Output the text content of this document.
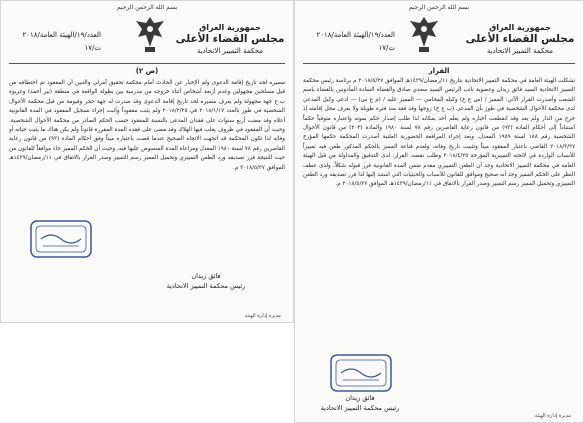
بسم الله الرحمن الرحيم
جمهورية العراق
مجلس القضاء الأعلى
محكمة التمييز الاتحادية
العدد/١٩/الهيئة العامة/٢٠١٨
ت/١٧
القرار
تشكلت الهيئة العامة في محكمة التمييز الاتحادية بتاريخ ١١/رمضان/١٤٣٩هـ الموافق ٢٠١٨/٥/٢٧ م برئاسة رئيس محكمة التمييز الاتحادية السيد فائق زيدان وعضوية نائب الرئيس السيد سعدي صادق والقضاة السادة المأذونين بالقضاء باسم الشعب وأصدرت القرار الآتي: المميز / (س ع خ) وكيله المحامي — المميز عليه / (م ع س) — ادعى وكيل المدعي لدى محكمة الأحوال الشخصية في طوز بأن المدعى (ب ع خ) زوجها وقد فقد منذ فترة طويلة ولا يعرف محل إقامته إذ خرج من الدار ولم يعد وقد انقطعت أخباره ولم يعلم أحد بمكانه لذا طلب إصدار حكم بموته واعتباره متوفياً حكماً استناداً إلى أحكام المادة (٩٣) من قانون رعاية القاصرين رقم ٧٨ لسنة ١٩٨٠ والمادة (٢٠٣) من قانون الأحوال الشخصية رقم ١٨٨ لسنة ١٩٥٩ المعدل، وبعد إجراء المرافعة الحضورية العلنية أصدرت المحكمة حكمها المؤرخ ٢٠١٨/٣/٢٧ القاضي باعتبار المفقود ميتاً وتثبيت تاريخ وفاته، ولعدم قناعة المميز بالحكم المذكور طعن فيه تمييزاً للأسباب الواردة في لائحته التمييزية المؤرخة ٢٠١٨/٤/٢٥ وطلب نقضه. القرار: لدى التدقيق والمداولة من قبل الهيئة العامة في محكمة التمييز الاتحادية وجد أن الطعن التمييزي مقدم ضمن المدة القانونية قرر قبوله شكلاً، ولدى عطف النظر على الحكم المميز وجد أنه صحيح وموافق للقانون للأسباب والحيثيات التي استند إليها لذا قرر تصديقه ورد الطعن التمييزي وتحميل المميز رسم التمييز وصدر القرار بالاتفاق في ١١/رمضان/١٤٣٩هـ الموافق ٢٠١٨/٥/٢٧ م.
فائق زيدان
رئيس محكمة التمييز الاتحادية
مديرة إدارة الهيئة
بسم الله الرحمن الرحيم
جمهورية العراق
مجلس القضاء الأعلى
محكمة التمييز الاتحادية
العدد/١٩/الهيئة العامة/٢٠١٨
ت/١٧
(ص ٢)
مصيره لحد تاريخ إقامة الدعوى ولم الإخبار عن الحادث أمام محكمة تحقيق آمرلي والتبين أن المفقود تم اختطافه من قبل مسلحين مجهولين وعدم أربعة أشخاص أثناء خروجه من مدرسة بين بطولة الواقعة في منطقة (بير أحمد) وعريوة ب.ج جهة مجهولة ولم يعرف مصيره لحد تاريخ إقامة الدعوى وقد صدرت له جهة حجز وقيومة من قبل محكمة الأحوال الشخصية في طوز بالعدد ٢٠١٨/١/١٧ في ٢٠١٨/٢/٢٥ ولم يثبت مفقوداً وأثبت إجراء تسجيل المفقود في المدة القانونية أعلاه وقد مضت أربع سنوات على فقدان المدعى بالنسبة للمفقود حسب الحكم الصادر من محكمة الأحوال الشخصية، وحيث أن المفقود في ظروف يغلب فيها الهلاك وقد مضى على فقده المدة المقررة قانوناً ولم يكن هناك ما يثبت حياته أو وفاته لذا تكون المحكمة قد اتجهت الاتجاه الصحيح عندما قضت باعتباره ميتاً وفق أحكام المادة (٩٣) من قانون رعاية القاصرين رقم ٧٨ لسنة ١٩٨٠ المعدل ومراعاة المدة المنصوص عليها فيه، وحيث أن الحكم المميز جاء موافقاً للقانون من حيث النتيجة قرر تصديقه ورد الطعن التمييزي وتحميل المميز رسم التمييز وصدر القرار بالاتفاق في ١١/رمضان/١٤٣٩هـ الموافق ٢٠١٨/٥/٢٧ م.
فائق زيدان
رئيس محكمة التمييز الاتحادية
مديرة إدارة الهيئة
